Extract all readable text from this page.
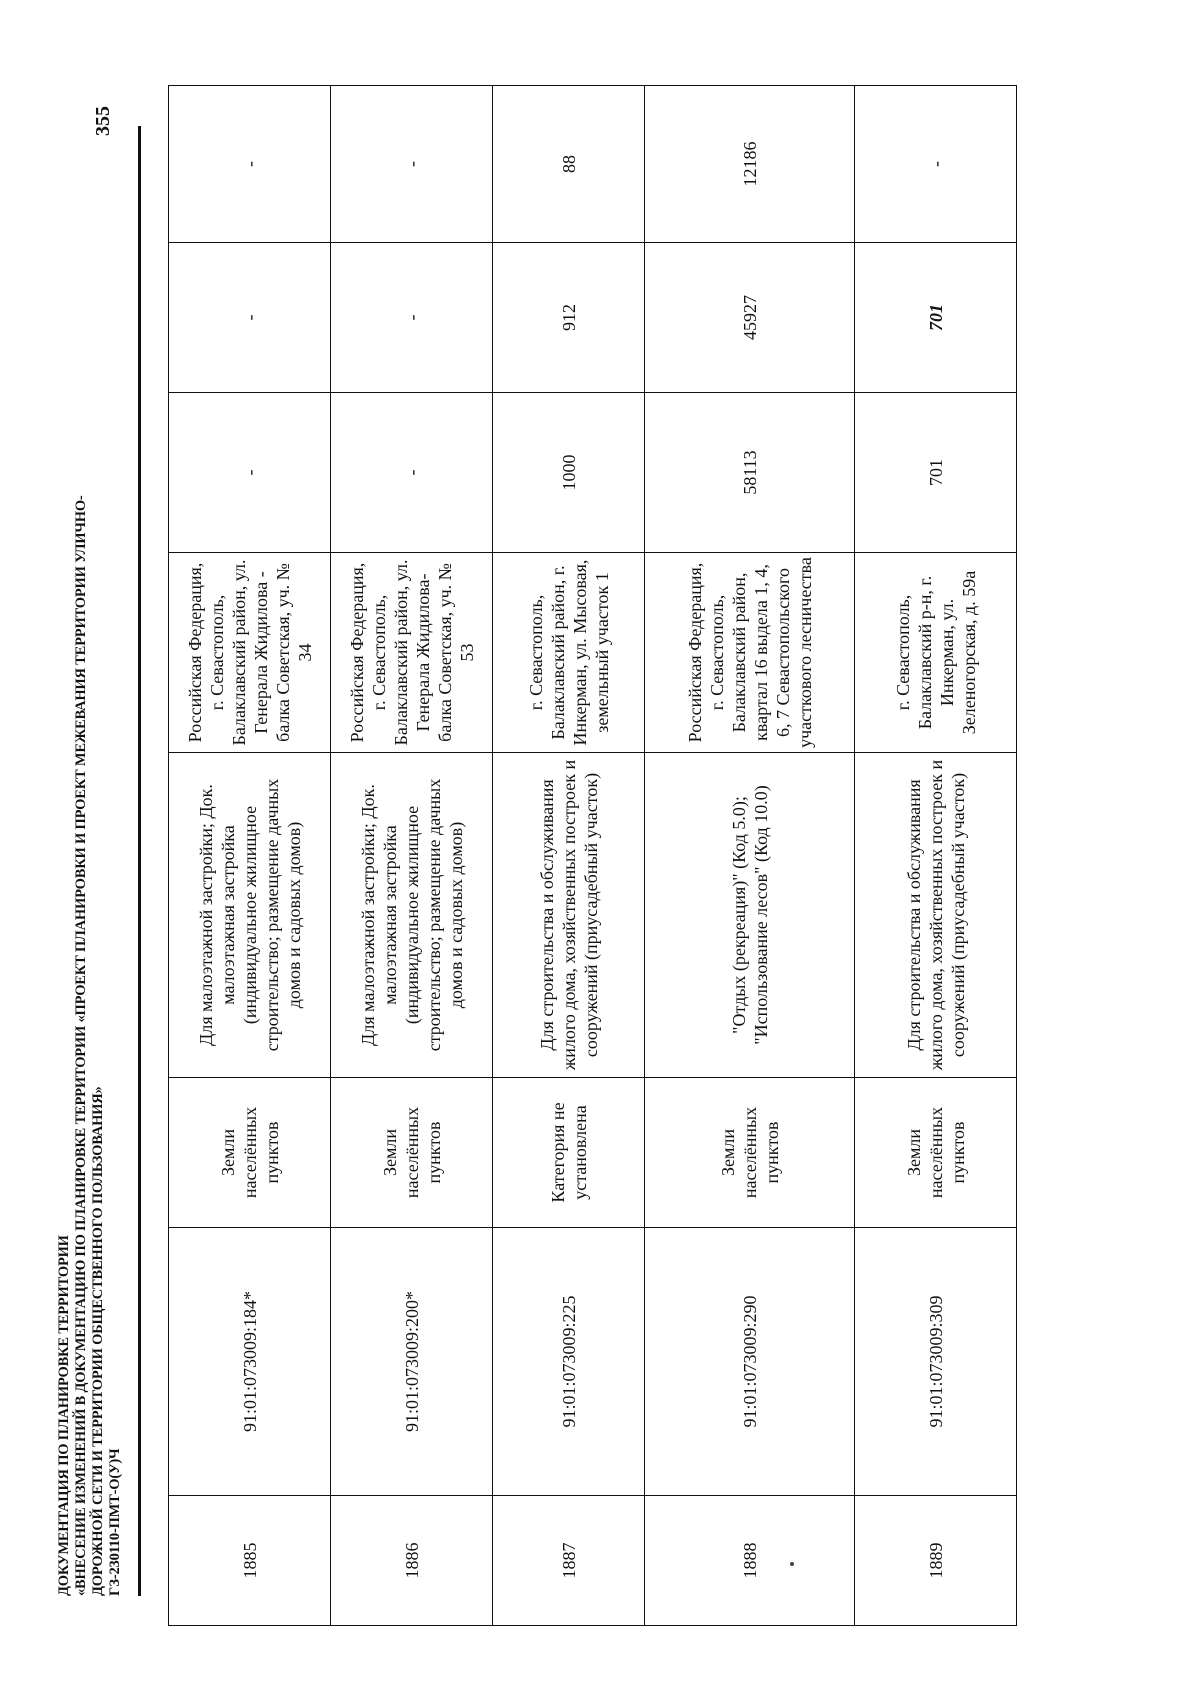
ДОКУМЕНТАЦИЯ ПО ПЛАНИРОВКЕ ТЕРРИТОРИИ «ВНЕСЕНИЕ ИЗМЕНЕНИЙ В ДОКУМЕНТАЦИЮ ПО ПЛАНИРОВКЕ ТЕРРИТОРИИ «ПРОЕКТ ПЛАНИРОВКИ И ПРОЕКТ МЕЖЕВАНИЯ ТЕРРИТОРИИ УЛИЧНО- ДОРОЖНОЙ СЕТИ И ТЕРРИТОРИИ ОБЩЕСТВЕННОГО ПОЛЬЗОВАНИЯ» ГЗ-230110-ПМТ-О(У)Ч
355
1885	91:01:073009:184*	Земли населённых пунктов	Для малоэтажной застройки; Док. малоэтажная застройка (индивидуальное жилищное строительство; размещение дачных домов и садовых домов)	Российская Федерация, г. Севастополь, Балаклавский район, ул. Генерала Жидилова - балка Советская, уч. № 34	-	-	-
1886	91:01:073009:200*	Земли населённых пунктов	Для малоэтажной застройки; Док. малоэтажная застройка (индивидуальное жилищное строительство; размещение дачных домов и садовых домов)	Российская Федерация, г. Севастополь, Балаклавский район, ул. Генерала Жидилова-балка Советская, уч. № 53	-	-	-
1887	91:01:073009:225	Категория не установлена	Для строительства и обслуживания жилого дома, хозяйственных построек и сооружений (приусадебный участок)	г. Севастополь, Балаклавский район, г. Инкерман, ул. Мысовая, земельный участок 1	1000	912	88
1888	91:01:073009:290	Земли населённых пунктов	"Отдых (рекреация)" (Код 5.0); "Использование лесов" (Код 10.0)	Российская Федерация, г. Севастополь, Балаклавский район, квартал 16 выдела 1, 4, 6, 7 Севастопольского участкового лесничества	58113	45927	12186
1889	91:01:073009:309	Земли населённых пунктов	Для строительства и обслуживания жилого дома, хозяйственных построек и сооружений (приусадебный участок)	г. Севастополь, Балаклавский р-н, г. Инкерман, ул. Зеленогорская, д. 59а	701	701	-
